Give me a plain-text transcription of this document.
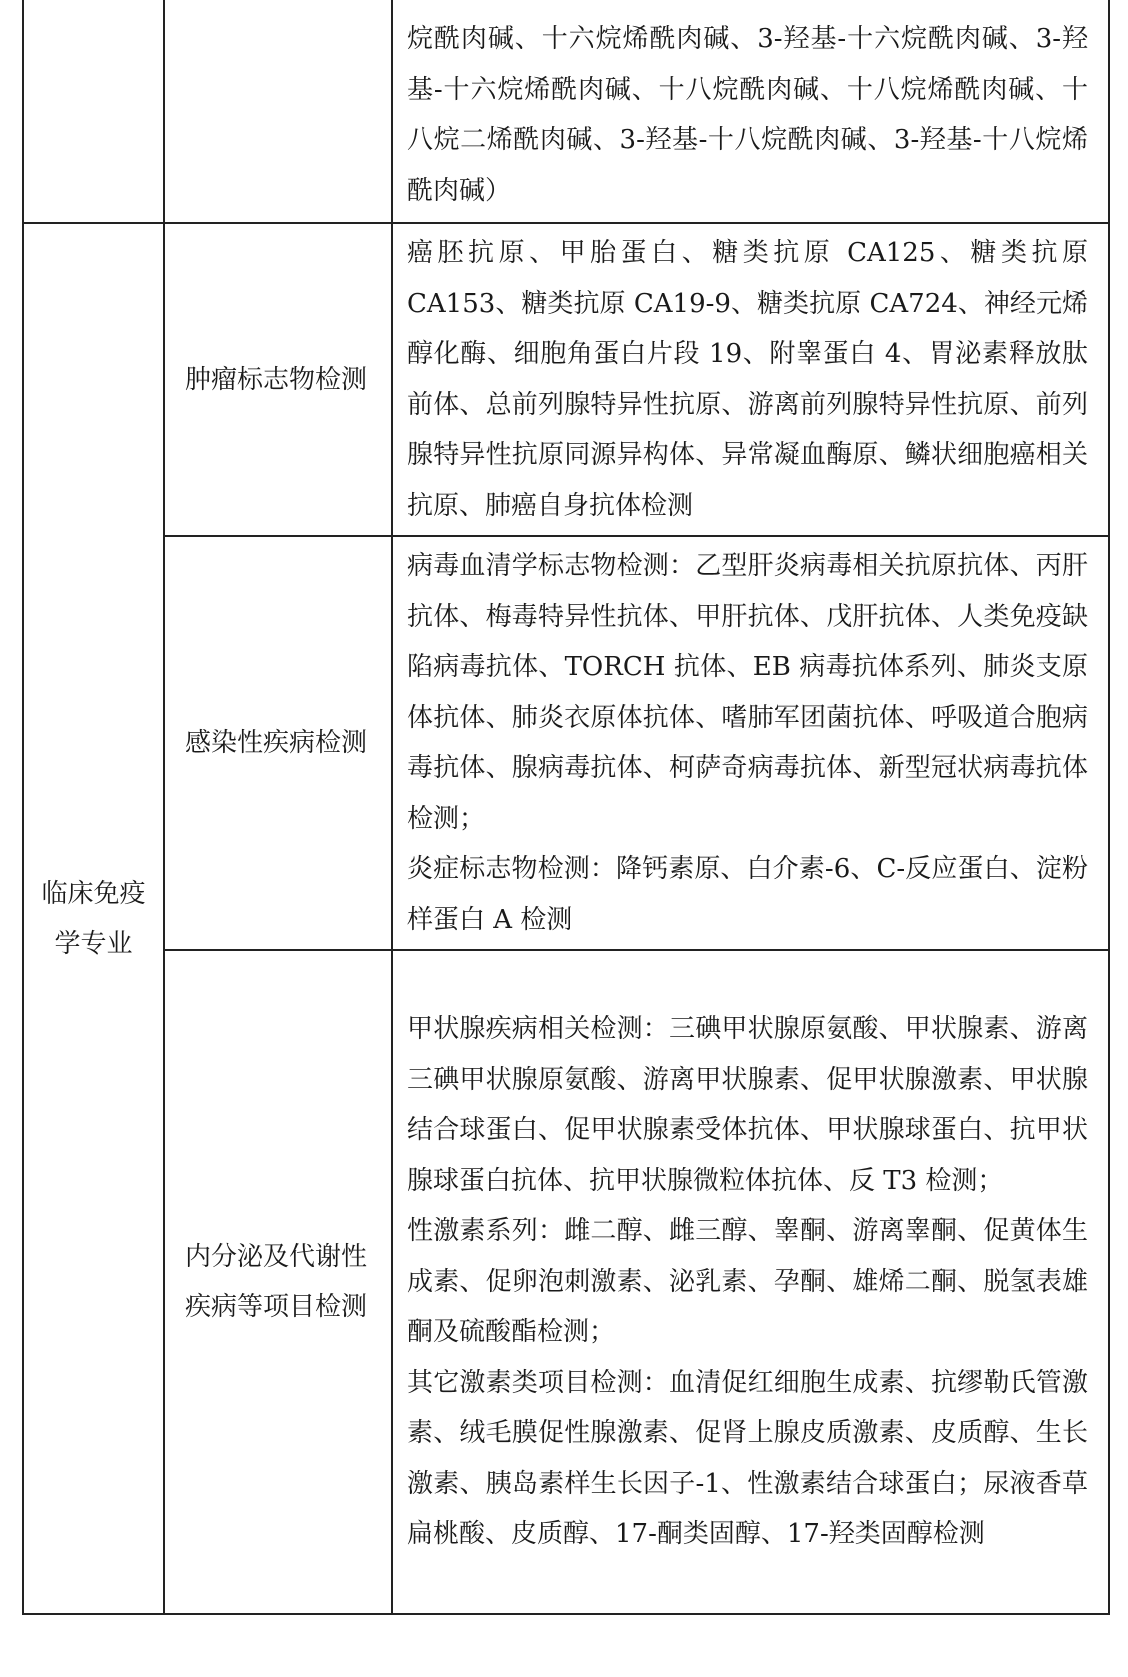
		烷酰肉碱、十六烷烯酰肉碱、3-羟基-十六烷酰肉碱、3-羟基-十六烷烯酰肉碱、十八烷酰肉碱、十八烷烯酰肉碱、十八烷二烯酰肉碱、3-羟基-十八烷酰肉碱、3-羟基-十八烷烯酰肉碱）

临床免疫学专业	肿瘤标志物检测	癌胚抗原、甲胎蛋白、糖类抗原 CA125、糖类抗原 CA153、糖类抗原 CA19-9、糖类抗原 CA724、神经元烯醇化酶、细胞角蛋白片段 19、附睾蛋白 4、胃泌素释放肽前体、总前列腺特异性抗原、游离前列腺特异性抗原、前列腺特异性抗原同源异构体、异常凝血酶原、鳞状细胞癌相关抗原、肺癌自身抗体检测

	感染性疾病检测	病毒血清学标志物检测：乙型肝炎病毒相关抗原抗体、丙肝抗体、梅毒特异性抗体、甲肝抗体、戊肝抗体、人类免疫缺陷病毒抗体、TORCH 抗体、EB 病毒抗体系列、肺炎支原体抗体、肺炎衣原体抗体、嗜肺军团菌抗体、呼吸道合胞病毒抗体、腺病毒抗体、柯萨奇病毒抗体、新型冠状病毒抗体检测；
炎症标志物检测：降钙素原、白介素-6、C-反应蛋白、淀粉样蛋白 A 检测

	内分泌及代谢性疾病等项目检测	甲状腺疾病相关检测：三碘甲状腺原氨酸、甲状腺素、游离三碘甲状腺原氨酸、游离甲状腺素、促甲状腺激素、甲状腺结合球蛋白、促甲状腺素受体抗体、甲状腺球蛋白、抗甲状腺球蛋白抗体、抗甲状腺微粒体抗体、反 T3 检测；
性激素系列：雌二醇、雌三醇、睾酮、游离睾酮、促黄体生成素、促卵泡刺激素、泌乳素、孕酮、雄烯二酮、脱氢表雄酮及硫酸酯检测；
其它激素类项目检测：血清促红细胞生成素、抗缪勒氏管激素、绒毛膜促性腺激素、促肾上腺皮质激素、皮质醇、生长激素、胰岛素样生长因子-1、性激素结合球蛋白；尿液香草扁桃酸、皮质醇、17-酮类固醇、17-羟类固醇检测
